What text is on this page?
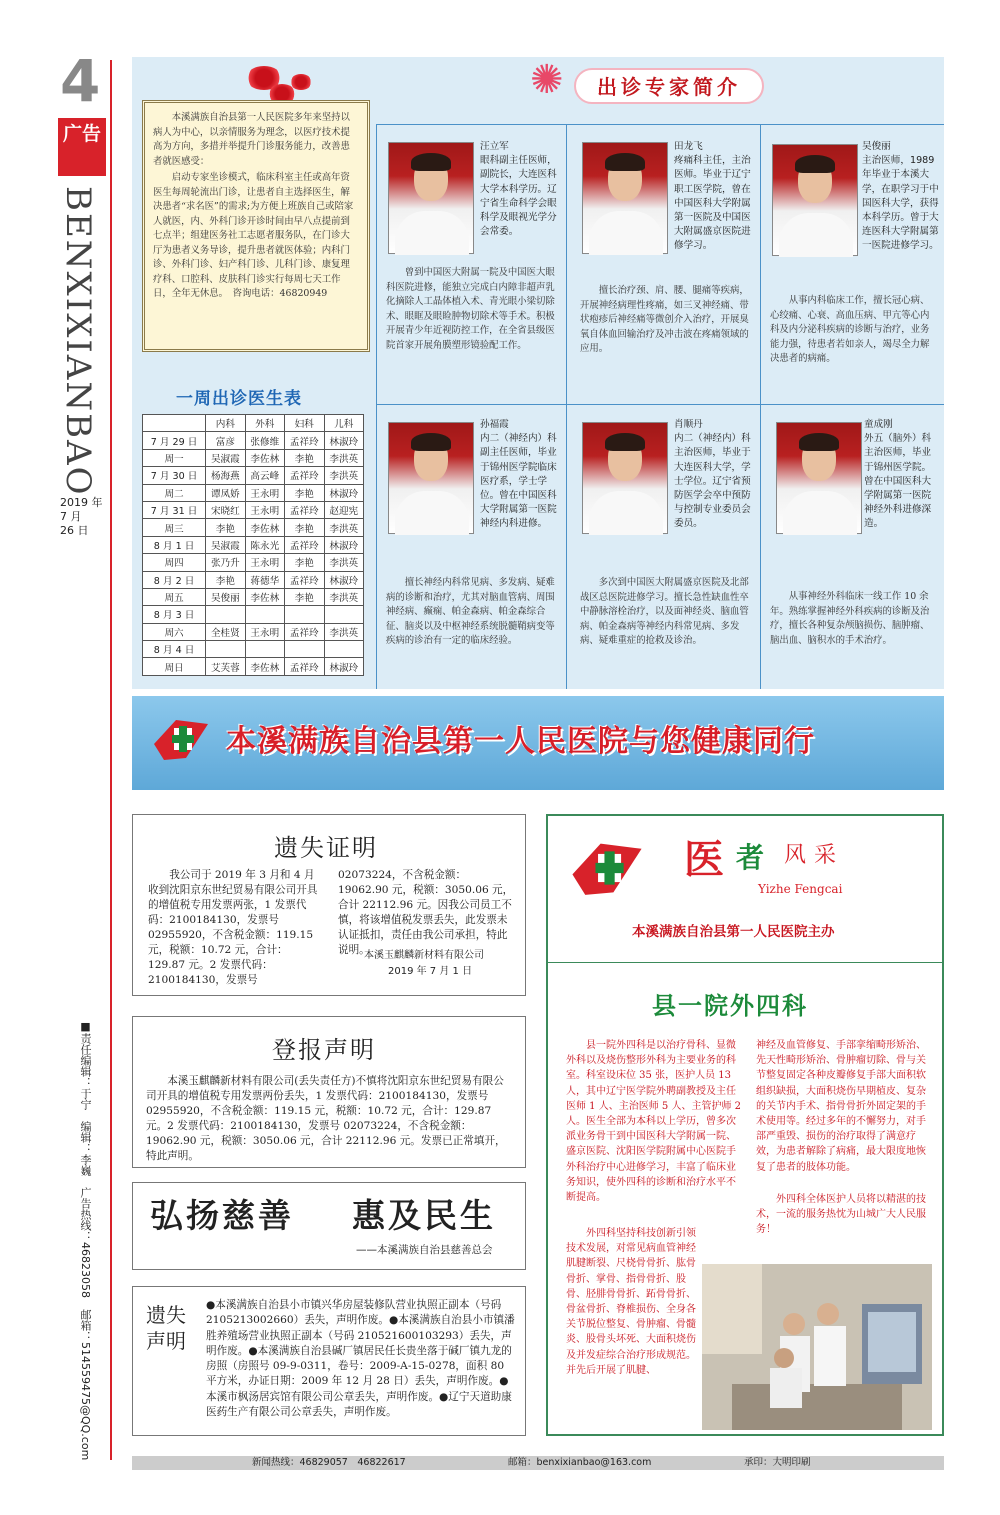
4
广告
BENXIXIANBAO
2019 年
7 月
26 日
■责任编辑：于宁　编辑：李巍　广告热线：46823058　邮箱：514559475@QQ.com

本溪满族自治县第一人民医院多年来坚持以病人为中心，以亲情服务为理念，以医疗技术提高为方向，多措并举提升门诊服务能力，改善患者就医感受：

启动专家坐诊模式，临床科室主任或高年资医生每周轮流出门诊，让患者自主选择医生，解决患者“求名医”的需求;为方便上班族自己或陪家人就医，内、外科门诊开诊时间由早八点提前到七点半；组建医务社工志愿者服务队，在门诊大厅为患者义务导诊，提升患者就医体验；内科门诊、外科门诊、妇产科门诊、儿科门诊、康复理疗科、口腔科、皮肤科门诊实行每周七天工作日，全年无休息。　咨询电话：46820949

✺	出诊专家简介
汪立军
眼科副主任医师，副院长，大连医科大学本科学历。辽宁省生命科学会眼科学及眼视光学分会常委。
曾到中国医大附属一院及中国医大眼科医院进修，能独立完成白内障非超声乳化摘除人工晶体植入术、青光眼小梁切除术、眼眶及眼睑肿物切除术等手术。积极开展青少年近视防控工作，在全省县级医院首家开展角膜塑形镜验配工作。
田龙飞
疼痛科主任，主治医师。毕业于辽宁职工医学院，曾在中国医科大学附属第一医院及中国医大附属盛京医院进修学习。
擅长治疗颈、肩、腰、腿痛等疾病，开展神经病理性疼痛，如三叉神经痛、带状疱疹后神经痛等微创介入治疗，开展臭氧自体血回输治疗及冲击波在疼痛领域的应用。
吴俊丽
主治医师，1989 年毕业于本溪大学，在职学习于中国医科大学，获得本科学历。曾于大连医科大学附属第一医院进修学习。
从事内科临床工作，擅长冠心病、心绞痛、心衰、高血压病、甲亢等心内科及内分泌科疾病的诊断与治疗，业务能力强，待患者若如亲人，竭尽全力解决患者的病痛。
孙福霞
内二（神经内）科副主任医师，毕业于锦州医学院临床医疗系，学士学位。曾在中国医科大学附属第一医院神经内科进修。
擅长神经内科常见病、多发病、疑难病的诊断和治疗，尤其对脑血管病、周围神经病、癫痫、帕金森病、帕金森综合征、脑炎以及中枢神经系统脱髓鞘病变等疾病的诊治有一定的临床经验。
肖顺丹
内二（神经内）科主治医师，毕业于大连医科大学，学士学位。辽宁省预防医学会卒中预防与控制专业委员会委员。
多次到中国医大附属盛京医院及北部战区总医院进修学习。擅长急性缺血性卒中静脉溶栓治疗，以及面神经炎、脑血管病、帕金森病等神经内科常见病、多发病、疑难重症的抢救及诊治。
童成刚
外五（脑外）科主治医师，毕业于锦州医学院。曾在中国医科大学附属第一医院神经外科进修深造。
从事神经外科临床一线工作 10 余年。熟练掌握神经外科疾病的诊断及治疗，擅长各种复杂颅脑损伤、脑肿瘤、脑出血、脑积水的手术治疗。
一周出诊医生表
	内科	外科	妇科	儿科
7 月 29 日	富彦	张修维	孟祥玲	林淑玲
周一	吴淑霞	李佐林	李艳	李洪英
7 月 30 日	杨海燕	高云峰	孟祥玲	李洪英
周二	谭凤娇	王永明	李艳	林淑玲
7 月 31 日	宋晓红	王永明	孟祥玲	赵迎宪
周三	李艳	李佐林	李艳	李洪英
8 月 1 日	吴淑霞	陈永光	孟祥玲	林淑玲
周四	张乃升	王永明	李艳	李洪英
8 月 2 日	李艳	蒋德华	孟祥玲	林淑玲
周五	吴俊丽	李佐林	李艳	李洪英
8 月 3 日				
周六	全桂贤	王永明	孟祥玲	李洪英
8 月 4 日				
周日	艾芙蓉	李佐林	孟祥玲	林淑玲
本溪满族自治县第一人民医院与您健康同行
遗失证明
我公司于 2019 年 3 月和 4 月收到沈阳京东世纪贸易有限公司开具的增值税专用发票两张，1 发票代码：2100184130，发票号 02955920，不含税金额：119.15 元，税额：10.72 元，合计：129.87 元。2 发票代码：2100184130，发票号
02073224，不含税金额：19062.90 元，税额：3050.06 元，合计 22112.96 元。因我公司员工不慎，将该增值税发票丢失，此发票未认证抵扣，责任由我公司承担，特此说明。
本溪玉麒麟新材料有限公司
2019 年 7 月 1 日
登报声明
本溪玉麒麟新材料有限公司(丢失责任方)不慎将沈阳京东世纪贸易有限公司开具的增值税专用发票两份丢失，1 发票代码：2100184130，发票号 02955920，不含税金额：119.15 元，税额：10.72 元，合计：129.87 元。2 发票代码：2100184130，发票号 02073224，不含税金额：19062.90 元，税额：3050.06 元，合计 22112.96 元。发票已正常填开，特此声明。
弘扬慈善 惠及民生
——本溪满族自治县慈善总会
遗失
声明
●本溪满族自治县小市镇兴华房屋装修队营业执照正副本（号码 2105213002660）丢失，声明作废。●本溪满族自治县小市镇潘胜养殖场营业执照正副本（号码 210521600103293）丢失，声明作废。●本溪满族自治县碱厂镇居民任长贵坐落于碱厂镇九龙的房照（房照号 09-9-0311，卷号：2009-A-15-0278，面积 80 平方米，办证日期：2009 年 12 月 28 日）丢失，声明作废。●本溪市枫汤居宾馆有限公司公章丢失，声明作废。●辽宁天道助康医药生产有限公司公章丢失，声明作废。
医 者 风采
Yizhe Fengcai
本溪满族自治县第一人民医院主办
县一院外四科
县一院外四科是以治疗骨科、显微外科以及烧伤整形外科为主要业务的科室。科室设床位 35 张，医护人员 13 人，其中辽宁医学院外聘副教授及主任医师 1 人、主治医师 5 人、主管护师 2 人。医生全部为本科以上学历，曾多次派业务骨干到中国医科大学附属一院、盛京医院、沈阳医学院附属中心医院手外科治疗中心进修学习，丰富了临床业务知识，使外四科的诊断和治疗水平不断提高。
外四科坚持科技创新引领技术发展，对常见病血管神经肌腱断裂、尺桡骨骨折、肱骨骨折、掌骨、指骨骨折、股骨、胫腓骨骨折、跖骨骨折、骨盆骨折、脊椎损伤、全身各关节脱位整复、骨肿瘤、骨髓炎、股骨头坏死、大面积烧伤及并发症综合治疗形成规范。并先后开展了肌腱、
神经及血管修复、手部挛缩畸形矫治、先天性畸形矫治、骨肿瘤切除、骨与关节整复固定各种皮瓣修复手部大面积软组织缺损，大面积烧伤早期植皮、复杂的关节内手术、指骨骨折外固定架的手术使用等。经过多年的不懈努力，对手部严重毁、损伤的治疗取得了满意疗效，为患者解除了病痛，最大限度地恢复了患者的肢体功能。
外四科全体医护人员将以精湛的技术，一流的服务热忱为山城广大人民服务！
新闻热线：46829057　46822617	邮箱：benxixianbao@163.com	承印：大明印刷
